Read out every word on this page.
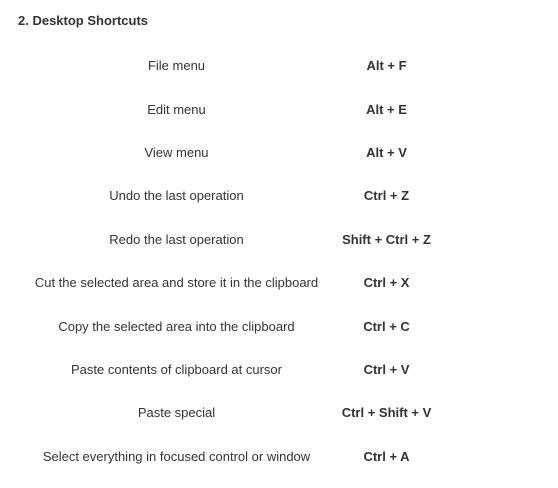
2. Desktop Shortcuts
File menu	Alt + F	
Edit menu	Alt + E	
View menu	Alt + V	
Undo the last operation	Ctrl + Z	
Redo the last operation	Shift + Ctrl + Z	
Cut the selected area and store it in the clipboard	Ctrl + X	
Copy the selected area into the clipboard	Ctrl + C	
Paste contents of clipboard at cursor	Ctrl + V	
Paste special	Ctrl + Shift + V	
Select everything in focused control or window	Ctrl + A	
